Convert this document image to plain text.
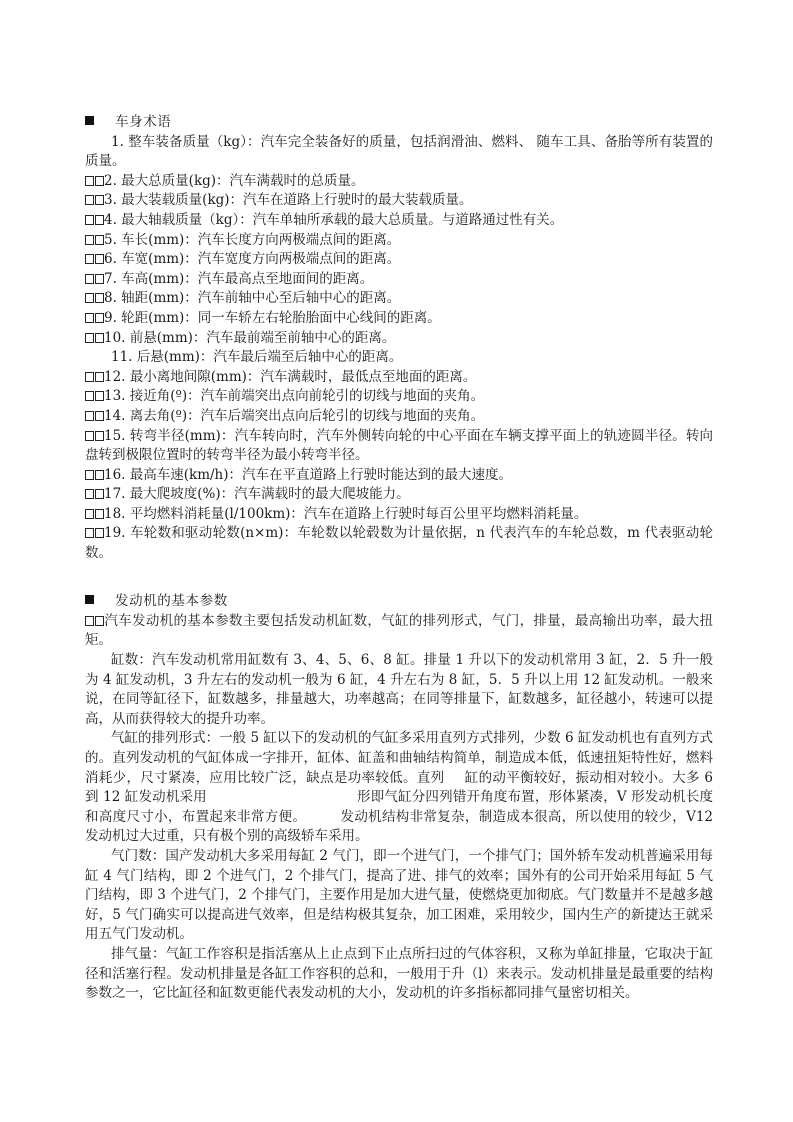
车身术语
1. 整车装备质量（kg）：汽车完全装备好的质量，包括润滑油、燃料、 随车工具、备胎等所有装置的质量。
2. 最大总质量(kg)：汽车满载时的总质量。
3. 最大装载质量(kg)：汽车在道路上行驶时的最大装载质量。
4. 最大轴载质量（kg）：汽车单轴所承载的最大总质量。与道路通过性有关。
5. 车长(mm)：汽车长度方向两极端点间的距离。
6. 车宽(mm)：汽车宽度方向两极端点间的距离。
7. 车高(mm)：汽车最高点至地面间的距离。
8. 轴距(mm)：汽车前轴中心至后轴中心的距离。
9. 轮距(mm)：同一车轿左右轮胎胎面中心线间的距离。
10. 前悬(mm)：汽车最前端至前轴中心的距离。
11. 后悬(mm)：汽车最后端至后轴中心的距离。
12. 最小离地间隙(mm)：汽车满载时，最低点至地面的距离。
13. 接近角(º)：汽车前端突出点向前轮引的切线与地面的夹角。
14. 离去角(º)：汽车后端突出点向后轮引的切线与地面的夹角。
15. 转弯半径(mm)：汽车转向时，汽车外侧转向轮的中心平面在车辆支撑平面上的轨迹圆半径。转向盘转到极限位置时的转弯半径为最小转弯半径。
16. 最高车速(km/h)：汽车在平直道路上行驶时能达到的最大速度。
17. 最大爬坡度(%)：汽车满载时的最大爬坡能力。
18. 平均燃料消耗量(l/100km)：汽车在道路上行驶时每百公里平均燃料消耗量。
19. 车轮数和驱动轮数(n×m)：车轮数以轮毂数为计量依据，n 代表汽车的车轮总数，m 代表驱动轮数。
发动机的基本参数
汽车发动机的基本参数主要包括发动机缸数，气缸的排列形式，气门，排量，最高输出功率，最大扭矩。
缸数：汽车发动机常用缸数有 3、4、5、6、8 缸。排量 1 升以下的发动机常用 3 缸，2．5 升一般为 4 缸发动机，3 升左右的发动机一般为 6 缸，4 升左右为 8 缸，5．5 升以上用 12 缸发动机。一般来说，在同等缸径下，缸数越多，排量越大，功率越高；在同等排量下，缸数越多，缸径越小，转速可以提高，从而获得较大的提升功率。
气缸的排列形式：一般 5 缸以下的发动机的气缸多采用直列方式排列，少数 6 缸发动机也有直列方式的。直列发动机的气缸体成一字排开，缸体、缸盖和曲轴结构简单，制造成本低，低速扭矩特性好，燃料消耗少，尺寸紧凑，应用比较广泛，缺点是功率较低。直列 缸的动平衡较好，振动相对较小。大多 6 到 12 缸发动机采用	形即气缸分四列错开角度布置，形体紧凑，V 形发动机长度和高度尺寸小，布置起来非常方便。	发动机结构非常复杂，制造成本很高，所以使用的较少，V12 发动机过大过重，只有极个别的高级轿车采用。
气门数：国产发动机大多采用每缸 2 气门，即一个进气门，一个排气门；国外轿车发动机普遍采用每缸 4 气门结构，即 2 个进气门，2 个排气门，提高了进、排气的效率；国外有的公司开始采用每缸 5 气门结构，即 3 个进气门，2 个排气门，主要作用是加大进气量，使燃烧更加彻底。气门数量并不是越多越好，5 气门确实可以提高进气效率，但是结构极其复杂，加工困难，采用较少，国内生产的新捷达王就采用五气门发动机。
排气量：气缸工作容积是指活塞从上止点到下止点所扫过的气体容积，又称为单缸排量，它取决于缸径和活塞行程。发动机排量是各缸工作容积的总和，一般用于升（l）来表示。发动机排量是最重要的结构参数之一，它比缸径和缸数更能代表发动机的大小，发动机的许多指标都同排气量密切相关。
